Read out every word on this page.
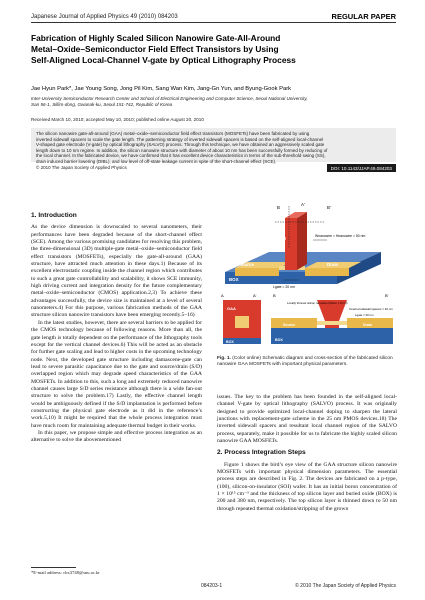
Japanese Journal of Applied Physics 49 (2010) 084203	REGULAR PAPER
Fabrication of Highly Scaled Silicon Nanowire Gate-All-Around
Metal–Oxide–Semiconductor Field Effect Transistors by Using
Self-Aligned Local-Channel V-gate by Optical Lithography Process
Jae Hyun Park*, Jae Young Song, Jong Pil Kim, Sang Wan Kim, Jang-Gn Yun, and Byung-Gook Park
Inter-University Semiconductor Research Center and School of Electrical Engineering and Computer Science, Seoul National University,
San 56-1, Sillim-dong, Gwanak-ku, Seoul 151-742, Republic of Korea
Received March 10, 2010; accepted May 10, 2010; published online August 20, 2010

The silicon nanowire gate-all-around (GAA) metal–oxide–semiconductor field effect transistors (MOSFETs) have been fabricated by using

inverted sidewall spacers to scale the gate length. The patterning strategy of inverted sidewall spacers is based on the self-aligned local-channel

V-shaped gate electrode (V-gate) by optical lithography (SALVO) process. Through this technique, we have obtained an aggressively scaled gate

length down to 10 nm regime. In addition, the silicon nanowire structure with diameter of about 10 nm has been successfully formed by reducing of

the local channel. In the fabricated device, we have confirmed that it has excellent device characteristics in terms of the sub-threshold swing (SS),

drain induced barrier lowering (DIBL), and low level of off-state leakage current in spite of the short-channel effect (SCE).

© 2010 The Japan Society of Applied Physics	DOI: 10.1143/JJAP.49.084203
1. Introduction

As the device dimension is downscaled to several nanometers, their performances have been degraded because of the short-channel effect (SCE). Among the various promising candidates for resolving this problem, the three-dimensional (3D) multiple-gate metal–oxide–semiconductor field effect transistors (MOSFETs), especially the gate-all-around (GAA) structure, have attracted much attention in these days.1) Because of its excellent electrostatic coupling inside the channel region which contributes to such a great gate controllability and scalability, it shows SCE immunity, high driving current and integration density for the future complementary metal–oxide–semiconductor (CMOS) application.2,3) To achieve these advantages successfully, the device size is maintained at a level of several nanometers.4) For this purpose, various fabrication methods of the GAA structure silicon nanowire transistors have been emerging recently.5–16)

In the latest studies, however, there are several barriers to be applied for the CMOS technology because of following reasons. More than all, the gate length is totally dependent on the performance of the lithography tools except for the vertical channel devices.6) This will be acted as an obstacle for further gate scaling and lead to higher costs in the upcoming technology node. Next, the developed gate structure including damascene-gate can lead to severe parasitic capacitance due to the gate and source/drain (S/D) overlapped region which may degrade speed characteristics of the GAA MOSFETs. In addition to this, such a long and extremely reduced nanowire channel causes large S/D series resistance although there is a wide fan-out structure to solve the problem.17) Lastly, the effective channel length would be ambiguously defined if the S/D implantation is performed before constructing the physical gate electrode as it did in the reference’s work.5,10) It might be required that the whole process integration must have much room for maintaining adequate thermal budget in their works.

In this paper, we propose simple and effective process integration as an alternative to solve the abovementioned

B	B'
A'
Gate
Source	Drain
BOX
Wnanowire = Hnanowire = 50 nm
Lgate = 20 nm
A	A'
GAA
BOX
B	B'
Locally thinned silicon nanowire (Dwire = 8 nm)
Inverted sidewall spacers = 40 nm
Lgate = 20 nm
Source	Drain
BOX
Fig. 1. (Color online) Schematic diagram and cross-section of the fabricated silicon nanowire GAA MOSFETs with important physical parameters.

issues. The key to the problem has been founded in the self-aligned local-channel V-gate by optical lithography (SALVO) process. It was originally designed to provide optimized local-channel doping to sharpen the lateral junctions with replacement-gate scheme in the 25 nm PMOS devices.18) The inverted sidewall spacers and resultant local channel region of the SALVO process, separately, make it possible for us to fabricate the highly scaled silicon nanowire GAA MOSFETs.

2. Process Integration Steps

Figure 1 shows the bird’s eye view of the GAA structure silicon nanowire MOSFETs with important physical dimension parameters. The essential process steps are described in Fig. 2. The devices are fabricated on a p-type, (100), silicon-on-insulator (SOI) wafer. It has an initial boron concentration of 1 × 10¹⁵ cm⁻³ and the thickness of top silicon layer and buried oxide (BOX) is 200 and 380 nm, respectively. The top silicon layer is thinned down to 50 nm through repeated thermal oxidation/stripping of the grown

*E-mail address: cbx3748@snu.ac.kr
084203-1	© 2010 The Japan Society of Applied Physics
